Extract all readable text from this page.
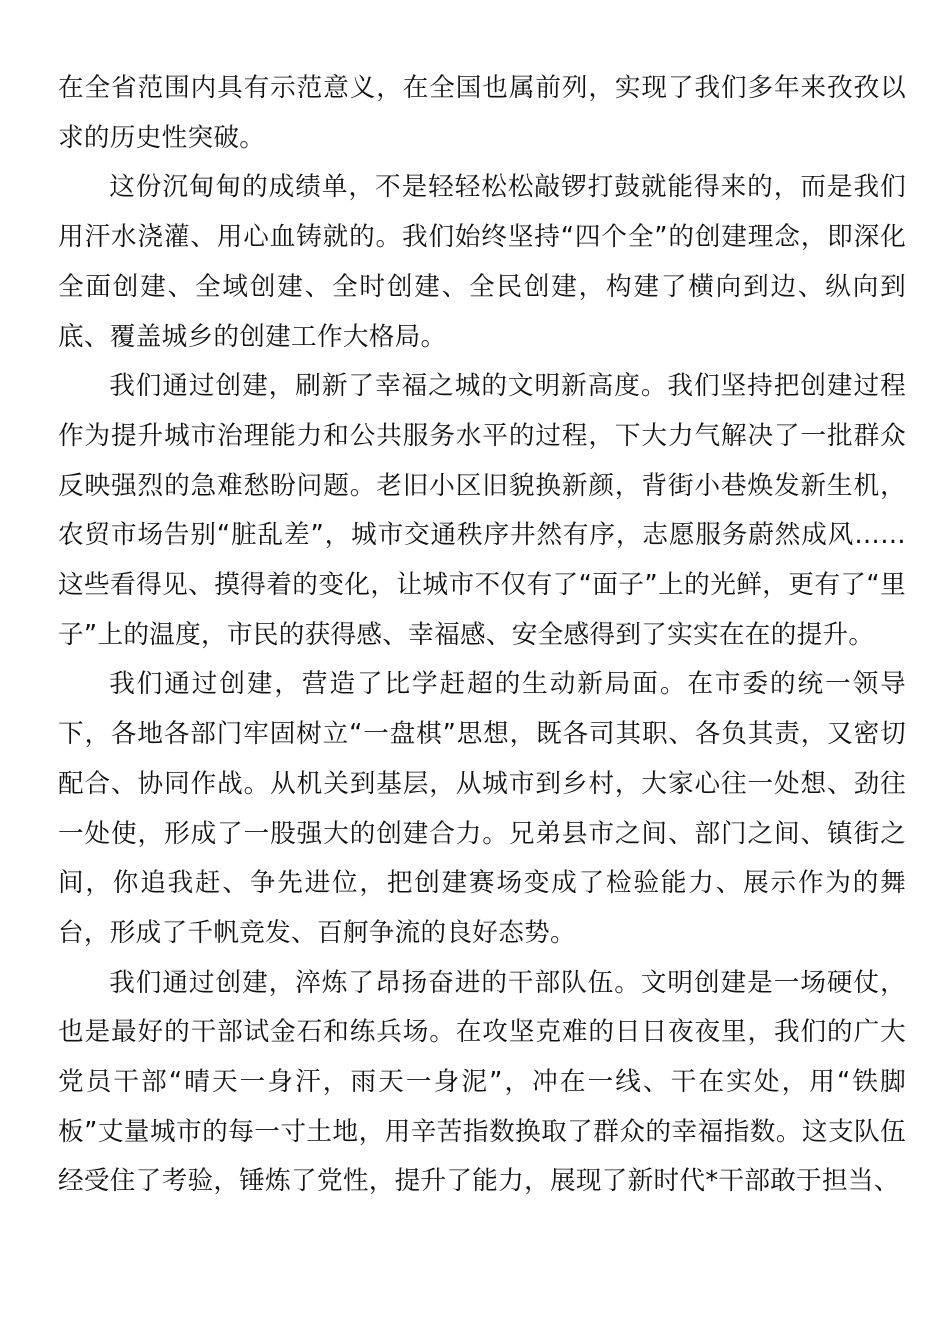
在全省范围内具有示范意义，在全国也属前列，实现了我们多年来孜孜以求的历史性突破。

这份沉甸甸的成绩单，不是轻轻松松敲锣打鼓就能得来的，而是我们用汗水浇灌、用心血铸就的。我们始终坚持“四个全”的创建理念，即深化全面创建、全域创建、全时创建、全民创建，构建了横向到边、纵向到底、覆盖城乡的创建工作大格局。

我们通过创建，刷新了幸福之城的文明新高度。我们坚持把创建过程作为提升城市治理能力和公共服务水平的过程，下大力气解决了一批群众反映强烈的急难愁盼问题。老旧小区旧貌换新颜，背街小巷焕发新生机，农贸市场告别“脏乱差”，城市交通秩序井然有序，志愿服务蔚然成风……这些看得见、摸得着的变化，让城市不仅有了“面子”上的光鲜，更有了“里子”上的温度，市民的获得感、幸福感、安全感得到了实实在在的提升。

我们通过创建，营造了比学赶超的生动新局面。在市委的统一领导下，各地各部门牢固树立“一盘棋”思想，既各司其职、各负其责，又密切配合、协同作战。从机关到基层，从城市到乡村，大家心往一处想、劲往一处使，形成了一股强大的创建合力。兄弟县市之间、部门之间、镇街之间，你追我赶、争先进位，把创建赛场变成了检验能力、展示作为的舞台，形成了千帆竞发、百舸争流的良好态势。

我们通过创建，淬炼了昂扬奋进的干部队伍。文明创建是一场硬仗，也是最好的干部试金石和练兵场。在攻坚克难的日日夜夜里，我们的广大党员干部“晴天一身汗，雨天一身泥”，冲在一线、干在实处，用“铁脚板”丈量城市的每一寸土地，用辛苦指数换取了群众的幸福指数。这支队伍经受住了考验，锤炼了党性，提升了能力，展现了新时代*干部敢于担当、
